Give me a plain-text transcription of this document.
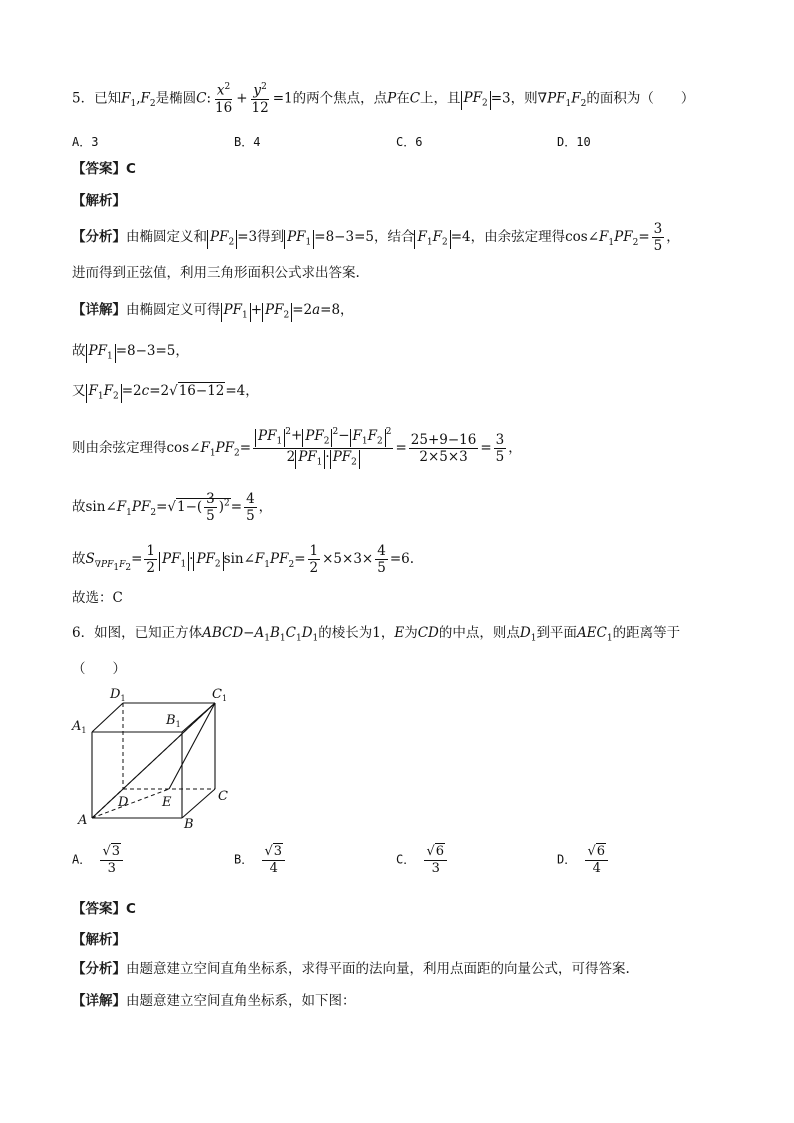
5．已知$F_1,F_2$是椭圆C: $\frac{x^2}{16} + \frac{y^2}{12} =1$的两个焦点，点P在C上，且 $PF_2 =3$，则$\nabla PF_1F_2$的面积为（　　）
A．3	B．4	C．6	D．10
【答案】C
【解析】
【分析】由椭圆定义和 $PF_2 =3$得到 $PF_1 =8-3=5$，结合 $F_1F_2 =4$，由余弦定理得$\cos\angle F_1PF_2= \frac{3}{5}$ ，
进而得到正弦值，利用三角形面积公式求出答案.
【详解】由椭圆定义可得 $PF_1 + PF_2 =2a=8$，
故 $PF_1 =8-3=5$，
又 $F_1F_2 =2c=2√16-12=4$，
则由余弦定理得$\cos\angle F_1PF_2= \frac{PF_1^2+ PF_2^2- F_1F_2^2}{2 PF_1 \cdot PF_2} = \frac{25+9-16}{2\times 5\times 3} = \frac{3}{5}$ ，
故$\sin\angle F_1PF_2=√1-( \frac{3}{5} )^2= \frac{4}{5}$ ，
故$S_{\nabla PF_1F_2}= \frac{1}{2} PF_1 \cdot PF_2$ $\sin\angle F_1PF_2= \frac{1}{2} \times 5\times 3\times \frac{4}{5} =6$.
故选：C
6．如图，已知正方体$ABCD-A_1B_1C_1D_1$的棱长为1，E为CD的中点，则点$D_1$到平面$AEC_1$的距离等于
（　　）
$D_1$	$C_1$
$A_1$
$B_1$
D	E	C
A	B
A． $\frac{√3}{3}$	B． $\frac{√3}{4}$	C． $\frac{√6}{3}$	D． $\frac{√6}{4}$
【答案】C
【解析】
【分析】由题意建立空间直角坐标系，求得平面的法向量，利用点面距的向量公式，可得答案.
【详解】由题意建立空间直角坐标系，如下图：
